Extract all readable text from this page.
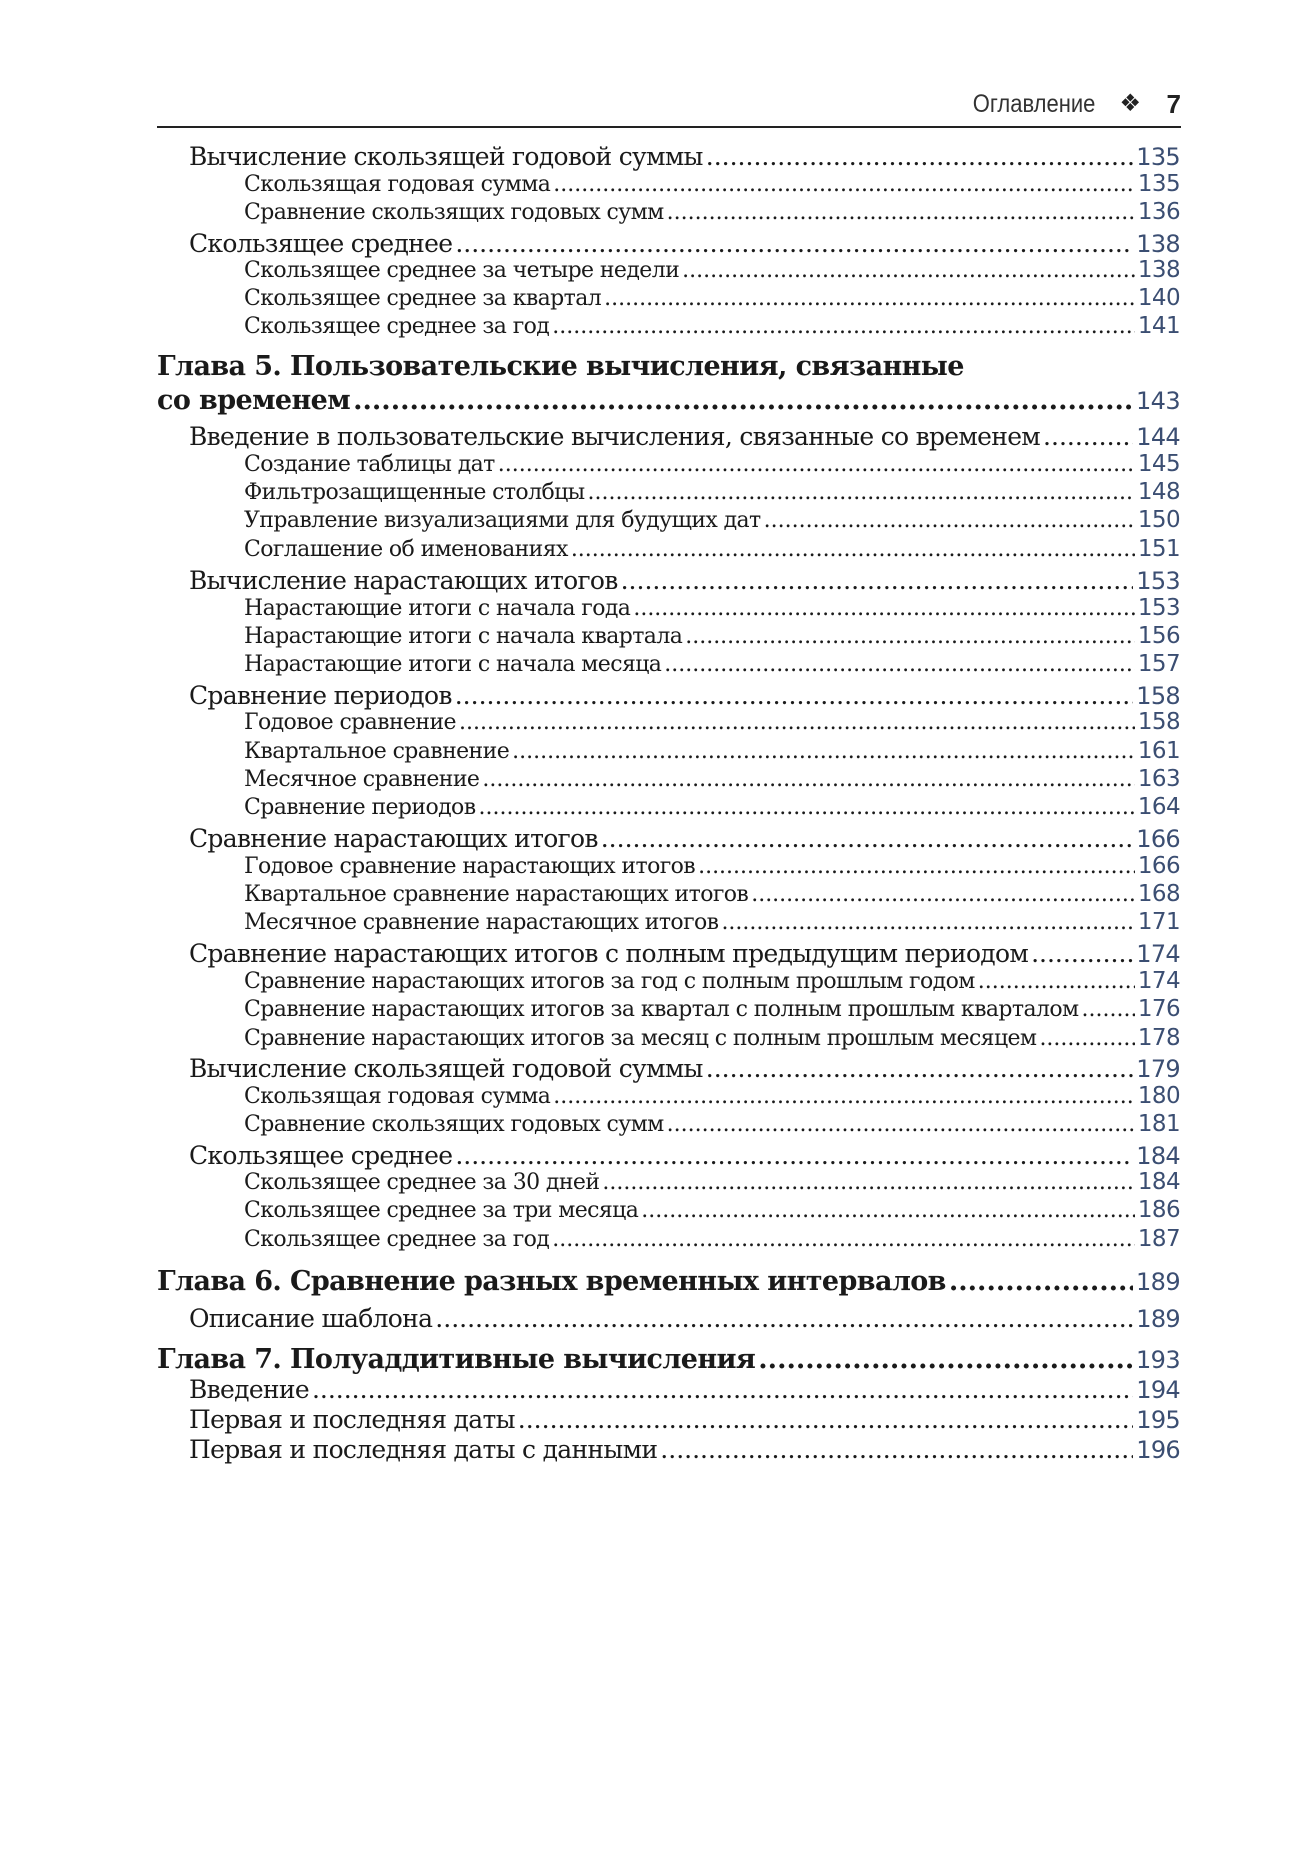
Оглавление ❖ 7
Вычисление скользящей годовой суммы .....	135
Скользящая годовая сумма .....	135
Сравнение скользящих годовых сумм .....	136
Скользящее среднее .....	138
Скользящее среднее за четыре недели .....	138
Скользящее среднее за квартал .....	140
Скользящее среднее за год .....	141
Глава 5. Пользовательские вычисления, связанные
со временем .....	143
Введение в пользовательские вычисления, связанные со временем .....	144
Создание таблицы дат .....	145
Фильтрозащищенные столбцы .....	148
Управление визуализациями для будущих дат .....	150
Соглашение об именованиях .....	151
Вычисление нарастающих итогов .....	153
Нарастающие итоги с начала года .....	153
Нарастающие итоги с начала квартала .....	156
Нарастающие итоги с начала месяца .....	157
Сравнение периодов .....	158
Годовое сравнение .....	158
Квартальное сравнение .....	161
Месячное сравнение .....	163
Сравнение периодов .....	164
Сравнение нарастающих итогов .....	166
Годовое сравнение нарастающих итогов .....	166
Квартальное сравнение нарастающих итогов .....	168
Месячное сравнение нарастающих итогов .....	171
Сравнение нарастающих итогов с полным предыдущим периодом .....	174
Сравнение нарастающих итогов за год с полным прошлым годом .....	174
Сравнение нарастающих итогов за квартал с полным прошлым кварталом .....	176
Сравнение нарастающих итогов за месяц с полным прошлым месяцем .....	178
Вычисление скользящей годовой суммы .....	179
Скользящая годовая сумма .....	180
Сравнение скользящих годовых сумм .....	181
Скользящее среднее .....	184
Скользящее среднее за 30 дней .....	184
Скользящее среднее за три месяца .....	186
Скользящее среднее за год .....	187
Глава 6. Сравнение разных временных интервалов .....	189
Описание шаблона .....	189
Глава 7. Полуаддитивные вычисления .....	193
Введение .....	194
Первая и последняя даты .....	195
Первая и последняя даты с данными .....	196
